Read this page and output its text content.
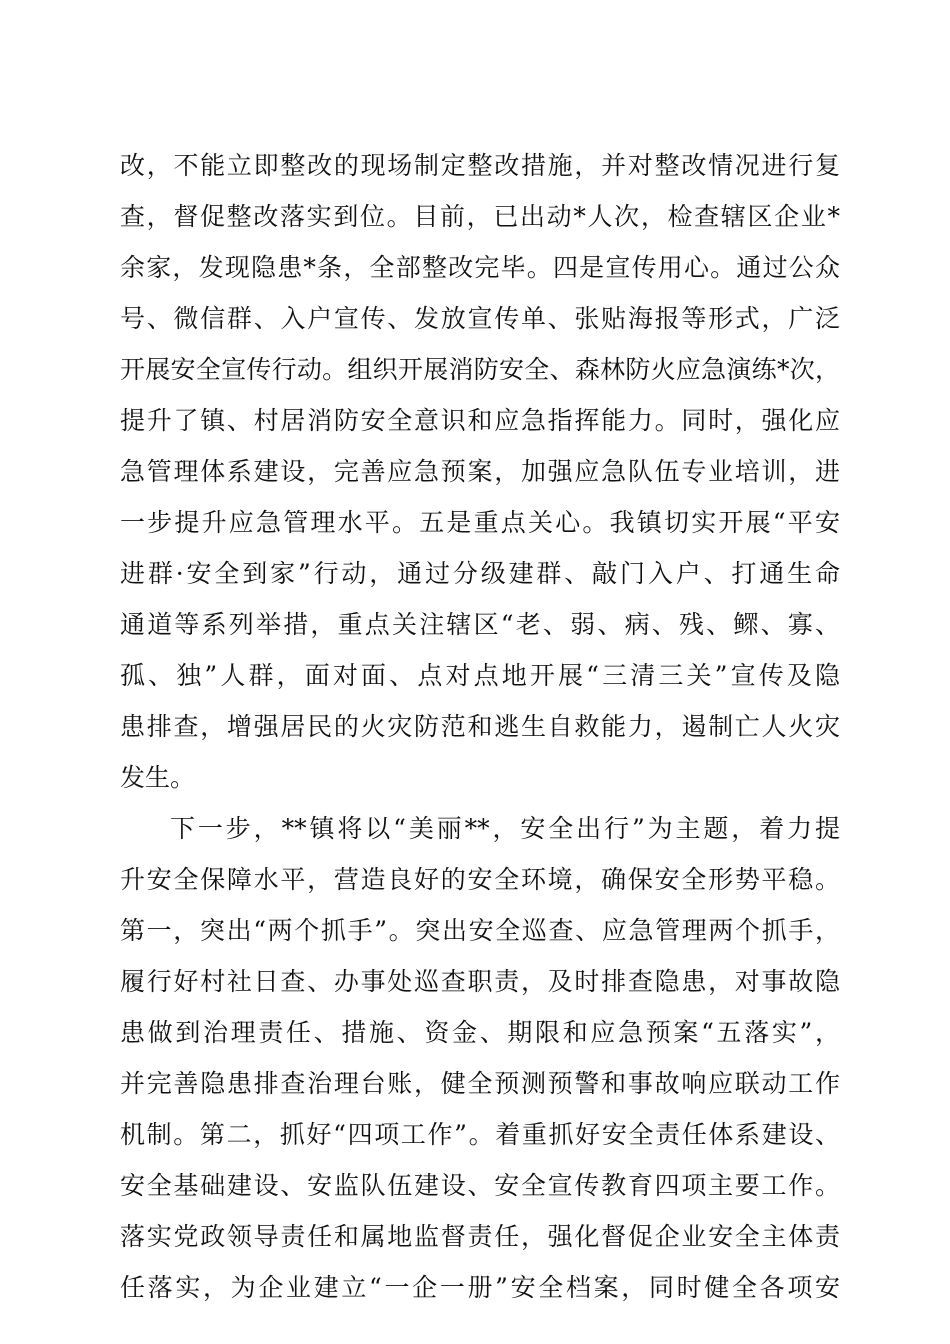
改，不能立即整改的现场制定整改措施，并对整改情况进行复
查，督促整改落实到位。目前，已出动*人次，检查辖区企业*
余家，发现隐患*条，全部整改完毕。四是宣传用心。通过公众
号、微信群、入户宣传、发放宣传单、张贴海报等形式，广泛
开展安全宣传行动。组织开展消防安全、森林防火应急演练*次，
提升了镇、村居消防安全意识和应急指挥能力。同时，强化应
急管理体系建设，完善应急预案，加强应急队伍专业培训，进
一步提升应急管理水平。五是重点关心。我镇切实开展“平安
进群·安全到家”行动，通过分级建群、敲门入户、打通生命
通道等系列举措，重点关注辖区“老、弱、病、残、鳏、寡、
孤、独”人群，面对面、点对点地开展“三清三关”宣传及隐
患排查，增强居民的火灾防范和逃生自救能力，遏制亡人火灾
发生。
下一步，**镇将以“美丽**，安全出行”为主题，着力提
升安全保障水平，营造良好的安全环境，确保安全形势平稳。
第一，突出“两个抓手”。突出安全巡查、应急管理两个抓手，
履行好村社日查、办事处巡查职责，及时排查隐患，对事故隐
患做到治理责任、措施、资金、期限和应急预案“五落实”，
并完善隐患排查治理台账，健全预测预警和事故响应联动工作
机制。第二，抓好“四项工作”。着重抓好安全责任体系建设、
安全基础建设、安监队伍建设、安全宣传教育四项主要工作。
落实党政领导责任和属地监督责任，强化督促企业安全主体责
任落实，为企业建立“一企一册”安全档案，同时健全各项安
